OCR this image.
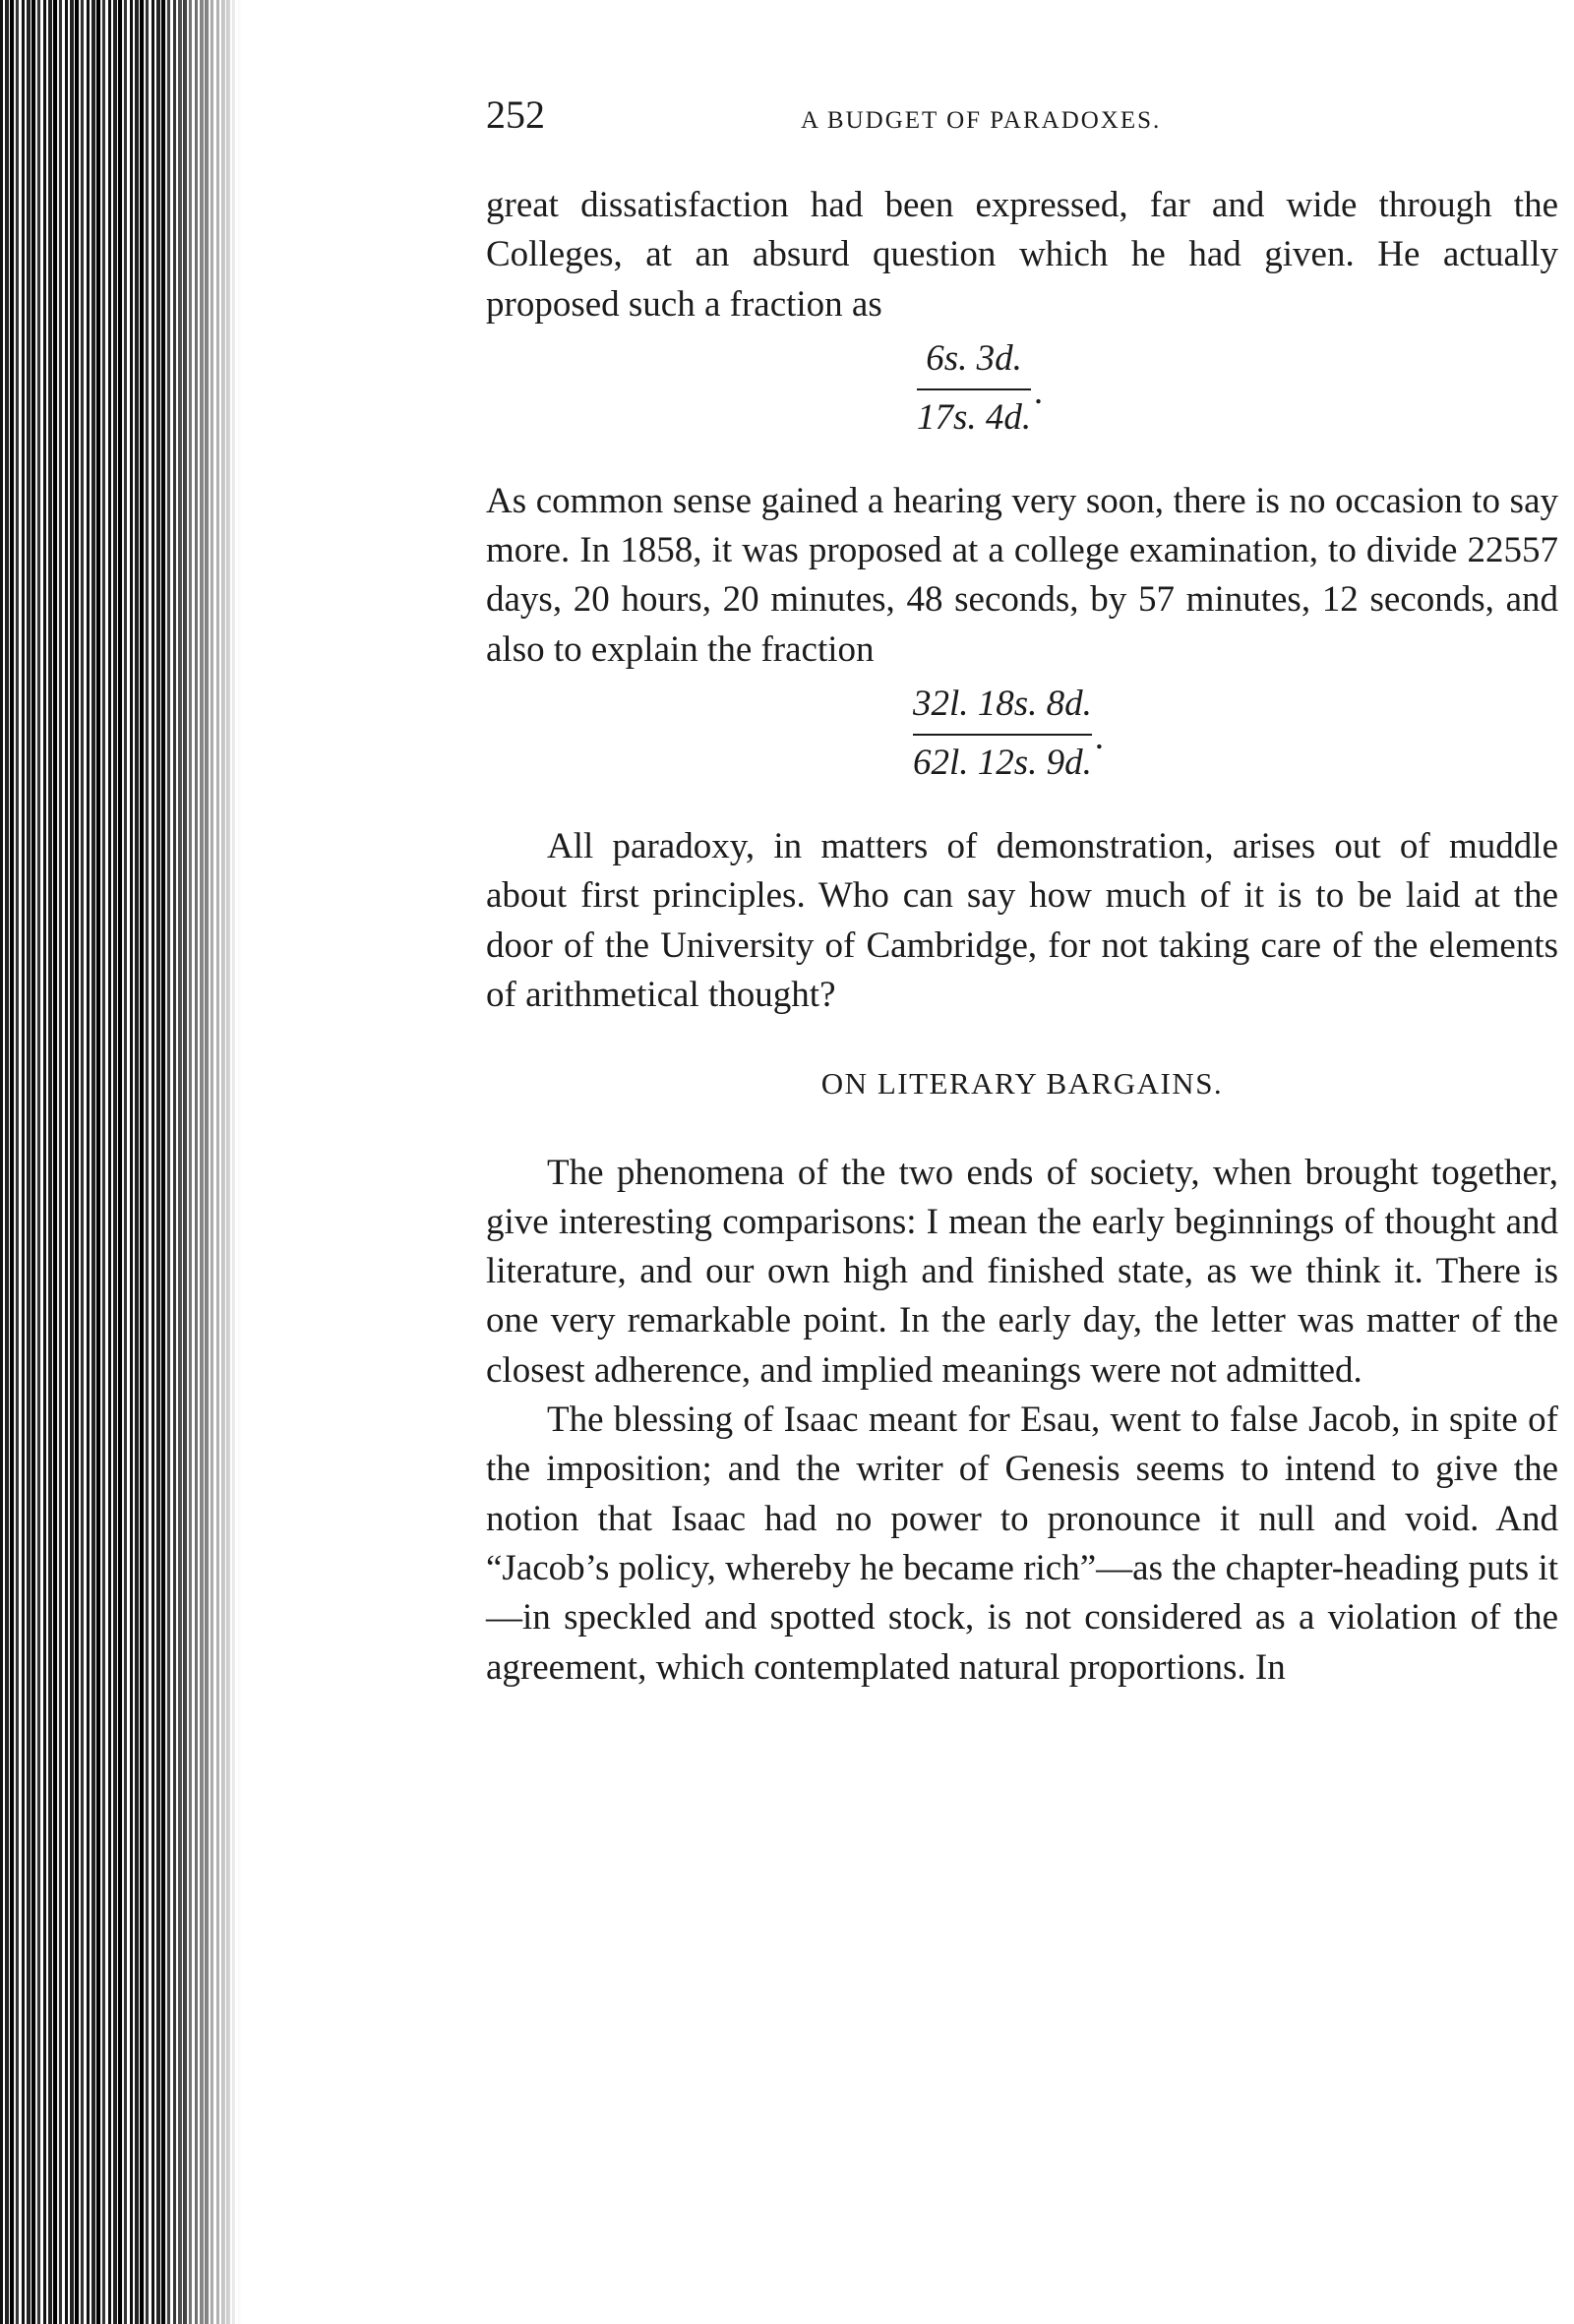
252	A BUDGET OF PARADOXES.

great dissatisfaction had been expressed, far and wide through the Colleges, at an absurd question which he had given. He actually proposed such a fraction as

6s. 3d.
17s. 4d.
.

As common sense gained a hearing very soon, there is no occasion to say more. In 1858, it was proposed at a college examination, to divide 22557 days, 20 hours, 20 minutes, 48 seconds, by 57 minutes, 12 seconds, and also to explain the fraction

32l. 18s. 8d.
62l. 12s. 9d.
.

All paradoxy, in matters of demonstration, arises out of muddle about first principles. Who can say how much of it is to be laid at the door of the University of Cambridge, for not taking care of the elements of arithmetical thought?

ON LITERARY BARGAINS.

The phenomena of the two ends of society, when brought together, give interesting comparisons: I mean the early beginnings of thought and literature, and our own high and finished state, as we think it. There is one very remarkable point. In the early day, the letter was matter of the closest adherence, and implied meanings were not admitted.

The blessing of Isaac meant for Esau, went to false Jacob, in spite of the imposition; and the writer of Genesis seems to intend to give the notion that Isaac had no power to pronounce it null and void. And “Jacob’s policy, whereby he became rich”—as the chapter-heading puts it—in speckled and spotted stock, is not considered as a violation of the agreement, which contemplated natural proportions. In
